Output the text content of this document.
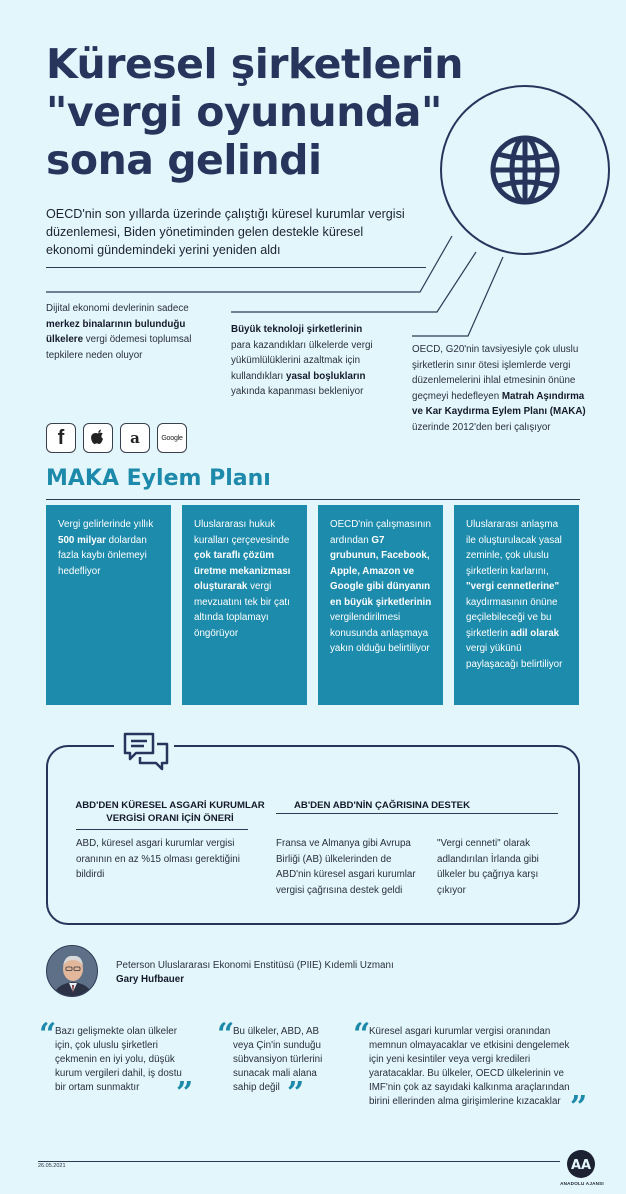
Küresel şirketlerin
"vergi oyununda"
sona gelindi
OECD'nin son yıllarda üzerinde çalıştığı küresel kurumlar vergisi düzenlemesi, Biden yönetiminden gelen destekle küresel ekonomi gündemindeki yerini yeniden aldı
Dijital ekonomi devlerinin sadece merkez binalarının bulunduğu ülkelere vergi ödemesi toplumsal tepkilere neden oluyor
Büyük teknoloji şirketlerinin para kazandıkları ülkelerde vergi yükümlülüklerini azaltmak için kullandıkları yasal boşlukların yakında kapanması bekleniyor
OECD, G20'nin tavsiyesiyle çok uluslu şirketlerin sınır ötesi işlemlerde vergi düzenlemelerini ihlal etmesinin önüne geçmeyi hedefleyen Matrah Aşındırma ve Kar Kaydırma Eylem Planı (MAKA) üzerinde 2012'den beri çalışıyor
f	a	Google
MAKA Eylem Planı
Vergi gelirlerinde yıllık 500 milyar dolardan fazla kaybı önlemeyi hedefliyor
Uluslararası hukuk kuralları çerçevesinde çok taraflı çözüm üretme mekanizması oluşturarak vergi mevzuatını tek bir çatı altında toplamayı öngörüyor
OECD'nin çalışmasının ardından G7 grubunun, Facebook, Apple, Amazon ve Google gibi dünyanın en büyük şirketlerinin vergilendirilmesi konusunda anlaşmaya yakın olduğu belirtiliyor
Uluslararası anlaşma ile oluşturulacak yasal zeminle, çok uluslu şirketlerin karlarını, "vergi cennetlerine" kaydırmasının önüne geçilebileceği ve bu şirketlerin adil olarak vergi yükünü paylaşacağı belirtiliyor
ABD'DEN KÜRESEL ASGARİ KURUMLAR VERGİSİ ORANI İÇİN ÖNERİ
ABD, küresel asgari kurumlar vergisi oranının en az %15 olması gerektiğini bildirdi
AB'DEN ABD'NİN ÇAĞRISINA DESTEK
Fransa ve Almanya gibi Avrupa Birliği (AB) ülkelerinden de ABD'nin küresel asgari kurumlar vergisi çağrısına destek geldi
"Vergi cenneti" olarak adlandırılan İrlanda gibi ülkeler bu çağrıya karşı çıkıyor
Peterson Uluslararası Ekonomi Enstitüsü (PIIE) Kıdemli Uzmanı
Gary Hufbauer
“
Bazı gelişmekte olan ülkeler için, çok uluslu şirketleri çekmenin en iyi yolu, düşük kurum vergileri dahil, iş dostu bir ortam sunmaktır	”
“
Bu ülkeler, ABD, AB veya Çin'in sunduğu sübvansiyon türlerini sunacak mali alana sahip değil ”
“
Küresel asgari kurumlar vergisi oranından memnun olmayacaklar ve etkisini dengelemek için yeni kesintiler veya vergi kredileri yaratacaklar. Bu ülkeler, OECD ülkelerinin ve IMF'nin çok az sayıdaki kalkınma araçlarından birini ellerinden alma girişimlerine kızacaklar ”
26.05.2021	AA
ANADOLU AJANSI
